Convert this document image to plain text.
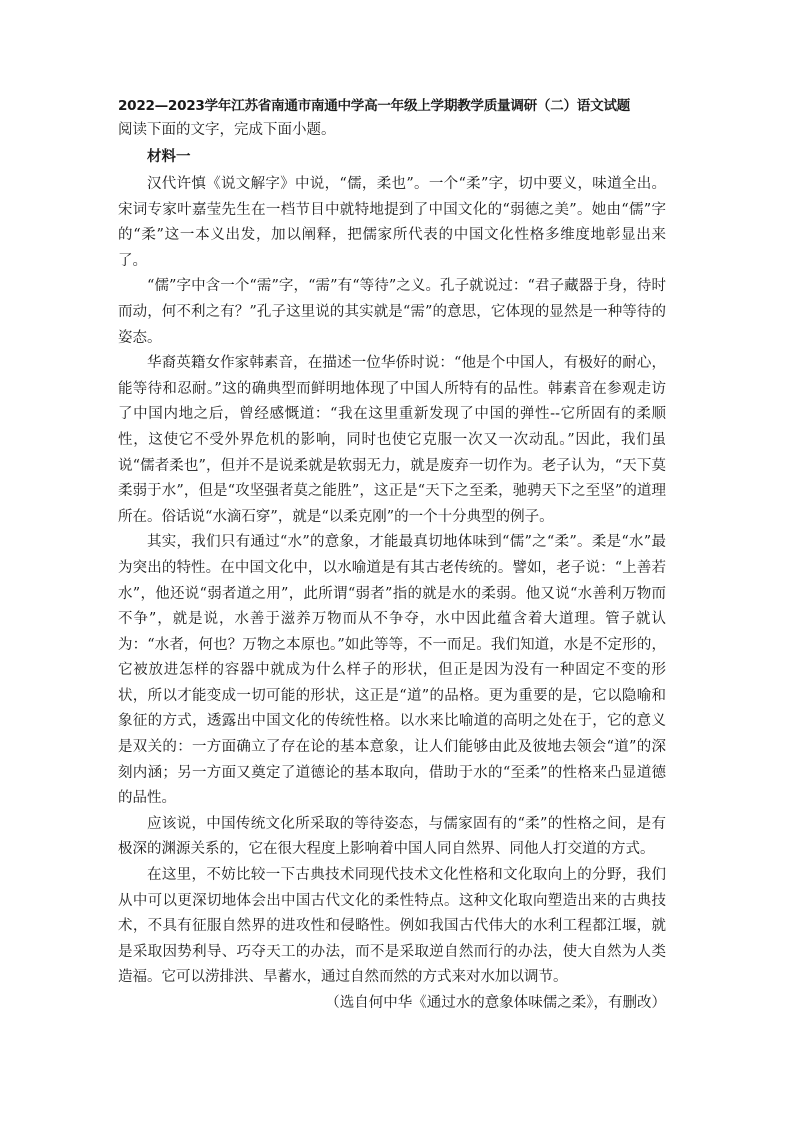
2022—2023学年江苏省南通市南通中学高一年级上学期教学质量调研（二）语文试题
阅读下面的文字，完成下面小题。
材料一

汉代许慎《说文解字》中说，“儒，柔也”。一个“柔”字，切中要义，味道全出。宋词专家叶嘉莹先生在一档节目中就特地提到了中国文化的“弱德之美”。她由“儒”字的“柔”这一本义出发，加以阐释，把儒家所代表的中国文化性格多维度地彰显出来了。

“儒”字中含一个“需”字，“需”有“等待”之义。孔子就说过：“君子藏器于身，待时而动，何不利之有？”孔子这里说的其实就是“需”的意思，它体现的显然是一种等待的姿态。

华裔英籍女作家韩素音，在描述一位华侨时说：“他是个中国人，有极好的耐心，能等待和忍耐。”这的确典型而鲜明地体现了中国人所特有的品性。韩素音在参观走访了中国内地之后，曾经感慨道：“我在这里重新发现了中国的弹性--它所固有的柔顺性，这使它不受外界危机的影响，同时也使它克服一次又一次动乱。”因此，我们虽说“儒者柔也”，但并不是说柔就是软弱无力，就是废弃一切作为。老子认为，“天下莫柔弱于水”，但是“攻坚强者莫之能胜”，这正是“天下之至柔，驰骋天下之至坚”的道理所在。俗话说“水滴石穿”，就是“以柔克刚”的一个十分典型的例子。

其实，我们只有通过“水”的意象，才能最真切地体味到“儒”之“柔”。柔是“水”最为突出的特性。在中国文化中，以水喻道是有其古老传统的。譬如，老子说：“上善若水”，他还说“弱者道之用”，此所谓“弱者”指的就是水的柔弱。他又说“水善利万物而不争”，就是说，水善于滋养万物而从不争夺，水中因此蕴含着大道理。管子就认为：“水者，何也？万物之本原也。”如此等等，不一而足。我们知道，水是不定形的，它被放进怎样的容器中就成为什么样子的形状，但正是因为没有一种固定不变的形状，所以才能变成一切可能的形状，这正是“道”的品格。更为重要的是，它以隐喻和象征的方式，透露出中国文化的传统性格。以水来比喻道的高明之处在于，它的意义是双关的：一方面确立了存在论的基本意象，让人们能够由此及彼地去领会“道”的深刻内涵；另一方面又奠定了道德论的基本取向，借助于水的“至柔”的性格来凸显道德的品性。

应该说，中国传统文化所采取的等待姿态，与儒家固有的“柔”的性格之间，是有极深的渊源关系的，它在很大程度上影响着中国人同自然界、同他人打交道的方式。

在这里，不妨比较一下古典技术同现代技术文化性格和文化取向上的分野，我们从中可以更深切地体会出中国古代文化的柔性特点。这种文化取向塑造出来的古典技术，不具有征服自然界的进攻性和侵略性。例如我国古代伟大的水利工程都江堰，就是采取因势利导、巧夺天工的办法，而不是采取逆自然而行的办法，使大自然为人类造福。它可以涝排洪、旱蓄水，通过自然而然的方式来对水加以调节。

（选自何中华《通过水的意象体味儒之柔》，有删改）
